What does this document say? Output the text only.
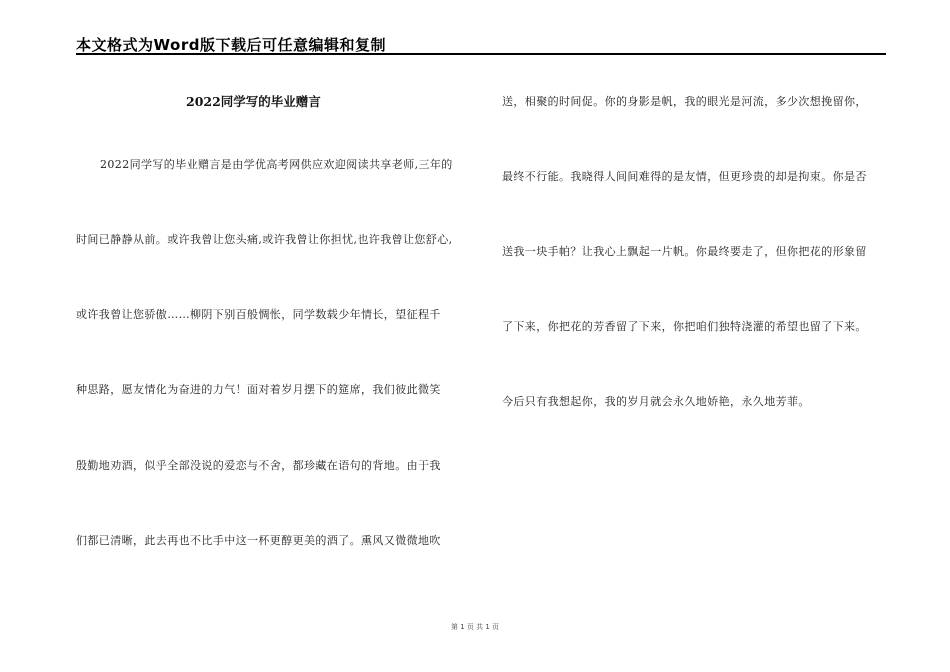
本文格式为Word版下载后可任意编辑和复制
2022同学写的毕业赠言
2022同学写的毕业赠言是由学优高考网供应欢迎阅读共享老师,三年的
时间已静静从前。或许我曾让您头痛,或许我曾让你担忧,也许我曾让您舒心,
或许我曾让您骄傲……柳阴下别百般惆怅，同学数载少年情长，望征程千
种思路，愿友情化为奋进的力气！面对着岁月摆下的筵席，我们彼此微笑
殷勤地劝酒，似乎全部没说的爱恋与不舍，都珍藏在语句的背地。由于我
们都已清晰，此去再也不比手中这一杯更醇更美的酒了。熏风又微微地吹
送，相聚的时间促。你的身影是帆，我的眼光是河流，多少次想挽留你，
最终不行能。我晓得人间间难得的是友情，但更珍贵的却是拘束。你是否
送我一块手帕？让我心上飘起一片帆。你最终要走了，但你把花的形象留
了下来，你把花的芳香留了下来，你把咱们独特浇灌的希望也留了下来。
今后只有我想起你，我的岁月就会永久地娇艳，永久地芳菲。
第 1 页 共 1 页
